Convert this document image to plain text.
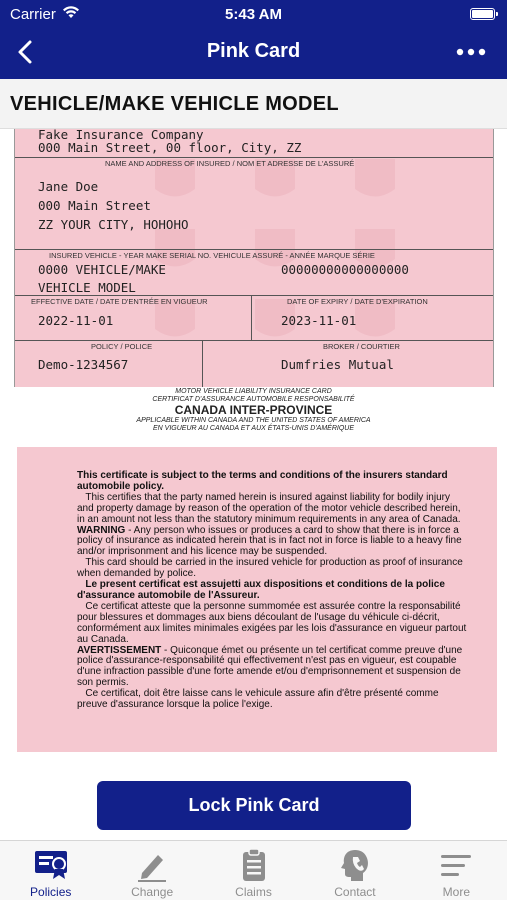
Carrier	5:43 AM
Pink Card
VEHICLE/MAKE VEHICLE MODEL
Fake Insurance Company
000 Main Street, 00 floor, City, ZZ
NAME AND ADDRESS OF INSURED / NOM ET ADRESSE DE L'ASSURÉ
Jane Doe
000 Main Street
ZZ YOUR CITY, HOHOHO
INSURED VEHICLE - YEAR MAKE SERIAL NO. VEHICULE ASSURÉ - ANNÉE MARQUE SÉRIE
0000 VEHICLE/MAKE	00000000000000000
VEHICLE MODEL
EFFECTIVE DATE / DATE D'ENTRÉE EN VIGUEUR	DATE OF EXPIRY / DATE D'EXPIRATION
2022-11-01	2023-11-01
POLICY / POLICE	BROKER / COURTIER
Demo-1234567	Dumfries Mutual
MOTOR VEHICLE LIABILITY INSURANCE CARD
CERTIFICAT D'ASSURANCE AUTOMOBILE RESPONSABILITÉ
CANADA INTER-PROVINCE
APPLICABLE WITHIN CANADA AND THE UNITED STATES OF AMERICA
EN VIGUEUR AU CANADA ET AUX ÉTATS-UNIS D'AMÉRIQUE

This certificate is subject to the terms and conditions of the insurers standard automobile policy.

This certifies that the party named herein is insured against liability for bodily injury and property damage by reason of the operation of the motor vehicle described herein, in an amount not less than the statutory minimum requirements in any area of Canada.

WARNING - Any person who issues or produces a card to show that there is in force a policy of insurance as indicated herein that is in fact not in force is liable to a heavy fine and/or imprisonment and his licence may be suspended.

This card should be carried in the insured vehicle for production as proof of insurance when demanded by police.

Le present certificat est assujetti aux dispositions et conditions de la police d'assurance automobile de l'Assureur.

Ce certificat atteste que la personne summomée est assurée contre la responsabilité pour blessures et dommages aux biens découlant de l'usage du véhicule ci-décrit, conformément aux limites minimales exigées par les lois d'assurance en vigueur partout au Canada.

AVERTISSEMENT - Quiconque émet ou présente un tel certificat comme preuve d'une police d'assurance-responsabilité qui effectivement n'est pas en vigueur, est coupable d'une infraction passible d'une forte amende et/ou d'emprisonnement et suspension de son permis.

Ce certificat, doit être laisse cans le vehicule assure afin d'être présenté comme preuve d'assurance lorsque la police l'exige.

Lock Pink Card
Policies	Change	Claims	Contact	More
